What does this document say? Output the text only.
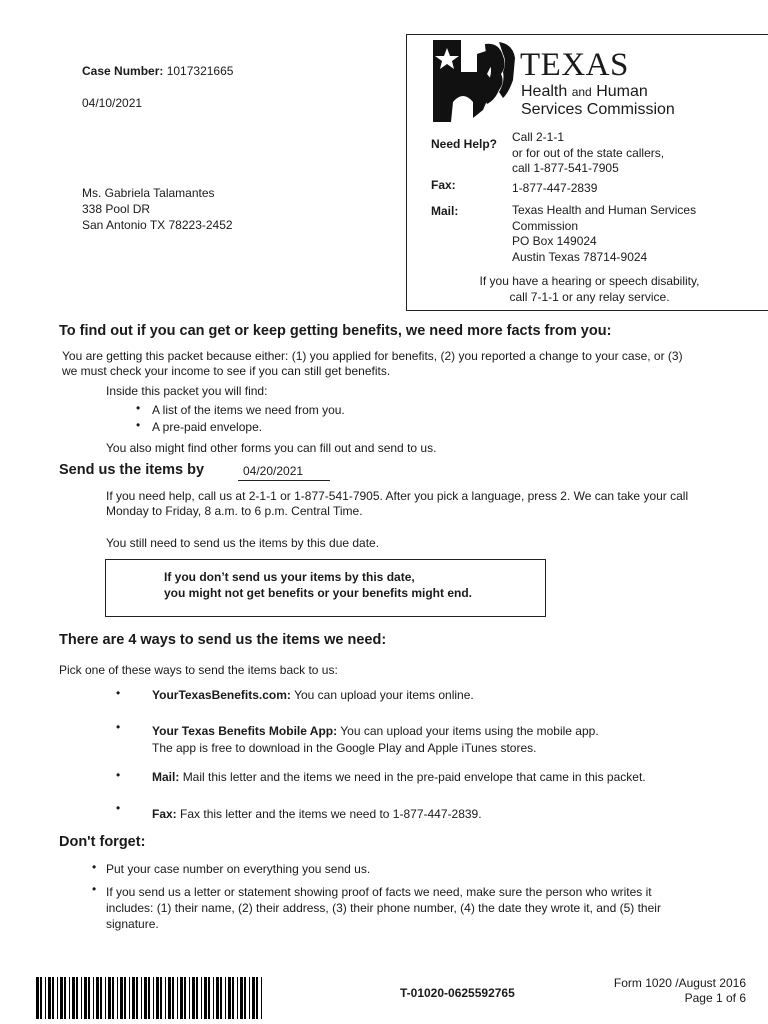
Case Number: 1017321665
04/10/2021
Ms. Gabriela Talamantes
338 Pool DR
San Antonio TX 78223-2452
TEXAS
Health and Human
Services Commission
Need Help? Call 2-1-1
or for out of the state callers,
call 1-877-541-7905
Fax:	1-877-447-2839
Mail:	Texas Health and Human Services
Commission
PO Box 149024
Austin Texas 78714-9024
If you have a hearing or speech disability,
call 7-1-1 or any relay service.
To find out if you can get or keep getting benefits, we need more facts from you:
You are getting this packet because either: (1) you applied for benefits, (2) you reported a change to your case, or (3)
we must check your income to see if you can still get benefits.
Inside this packet you will find:
• A list of the items we need from you.
• A pre-paid envelope.
You also might find other forms you can fill out and send to us.
Send us the items by	04/20/2021
If you need help, call us at 2-1-1 or 1-877-541-7905. After you pick a language, press 2. We can take your call
Monday to Friday, 8 a.m. to 6 p.m. Central Time.
You still need to send us the items by this due date.
If you don’t send us your items by this date,
you might not get benefits or your benefits might end.
There are 4 ways to send us the items we need:
Pick one of these ways to send the items back to us:
•	YourTexasBenefits.com: You can upload your items online.
•	Your Texas Benefits Mobile App: You can upload your items using the mobile app.
The app is free to download in the Google Play and Apple iTunes stores.
•	Mail: Mail this letter and the items we need in the pre-paid envelope that came in this packet.
•	Fax: Fax this letter and the items we need to 1-877-447-2839.
Don't forget:
• Put your case number on everything you send us.
• If you send us a letter or statement showing proof of facts we need, make sure the person who writes it
includes: (1) their name, (2) their address, (3) their phone number, (4) the date they wrote it, and (5) their
signature.
T-01020-0625592765
Form 1020 /August 2016
Page 1 of 6
